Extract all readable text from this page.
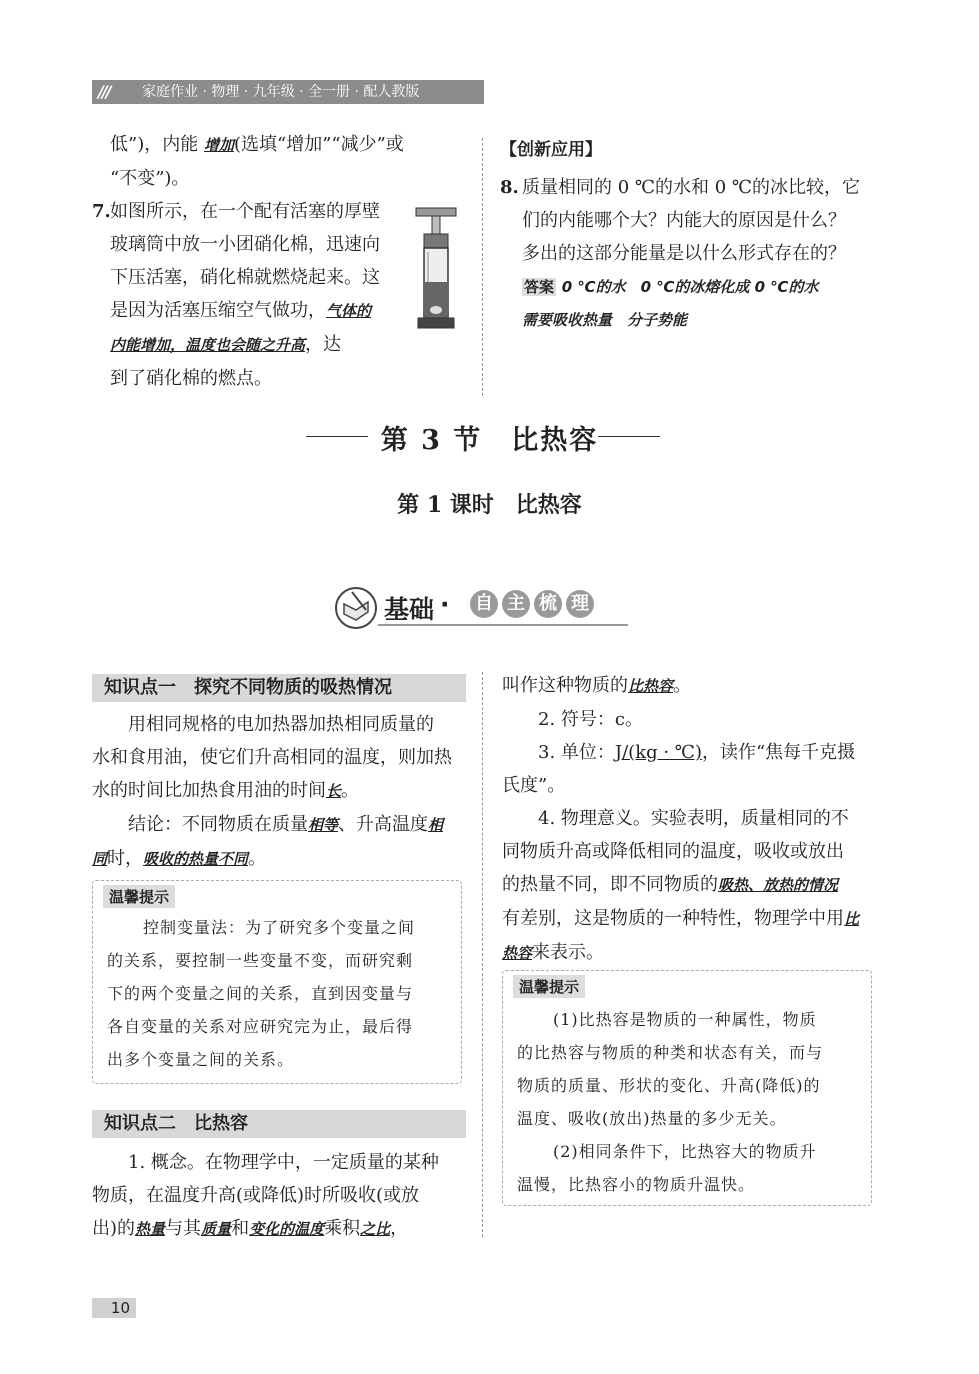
/// 家庭作业 · 物理 · 九年级 · 全一册 · 配人教版
低”)，内能 增加(选填“增加”“减少”或
“不变”)。
7. 如图所示，在一个配有活塞的厚壁
玻璃筒中放一小团硝化棉，迅速向
下压活塞，硝化棉就燃烧起来。这
是因为活塞压缩空气做功，气体的
内能增加，温度也会随之升高，达
到了硝化棉的燃点。
【创新应用】
8. 质量相同的 0 ℃的水和 0 ℃的冰比较，它
们的内能哪个大？内能大的原因是什么？
多出的这部分能量是以什么形式存在的？
答案 0 ℃的水　0 ℃的冰熔化成 0 ℃的水
需要吸收热量　分子势能
第 3 节　比热容
第 1 课时　比热容
基础 · 自 主 梳 理
知识点一　探究不同物质的吸热情况
用相同规格的电加热器加热相同质量的
水和食用油，使它们升高相同的温度，则加热
水的时间比加热食用油的时间长。
结论：不同物质在质量相等、升高温度相
同时，吸收的热量不同。
温馨提示
控制变量法：为了研究多个变量之间
的关系，要控制一些变量不变，而研究剩
下的两个变量之间的关系，直到因变量与
各自变量的关系对应研究完为止，最后得
出多个变量之间的关系。
知识点二　比热容
1. 概念。在物理学中，一定质量的某种
物质，在温度升高(或降低)时所吸收(或放
出)的热量与其质量和变化的温度乘积之比，
叫作这种物质的比热容。
2. 符号：c。
3. 单位：J/(kg · ℃)，读作“焦每千克摄
氏度”。
4. 物理意义。实验表明，质量相同的不
同物质升高或降低相同的温度，吸收或放出
的热量不同，即不同物质的吸热、放热的情况
有差别，这是物质的一种特性，物理学中用比
热容来表示。
温馨提示
(1)比热容是物质的一种属性，物质
的比热容与物质的种类和状态有关，而与
物质的质量、形状的变化、升高(降低)的
温度、吸收(放出)热量的多少无关。
(2)相同条件下，比热容大的物质升
温慢，比热容小的物质升温快。
10
